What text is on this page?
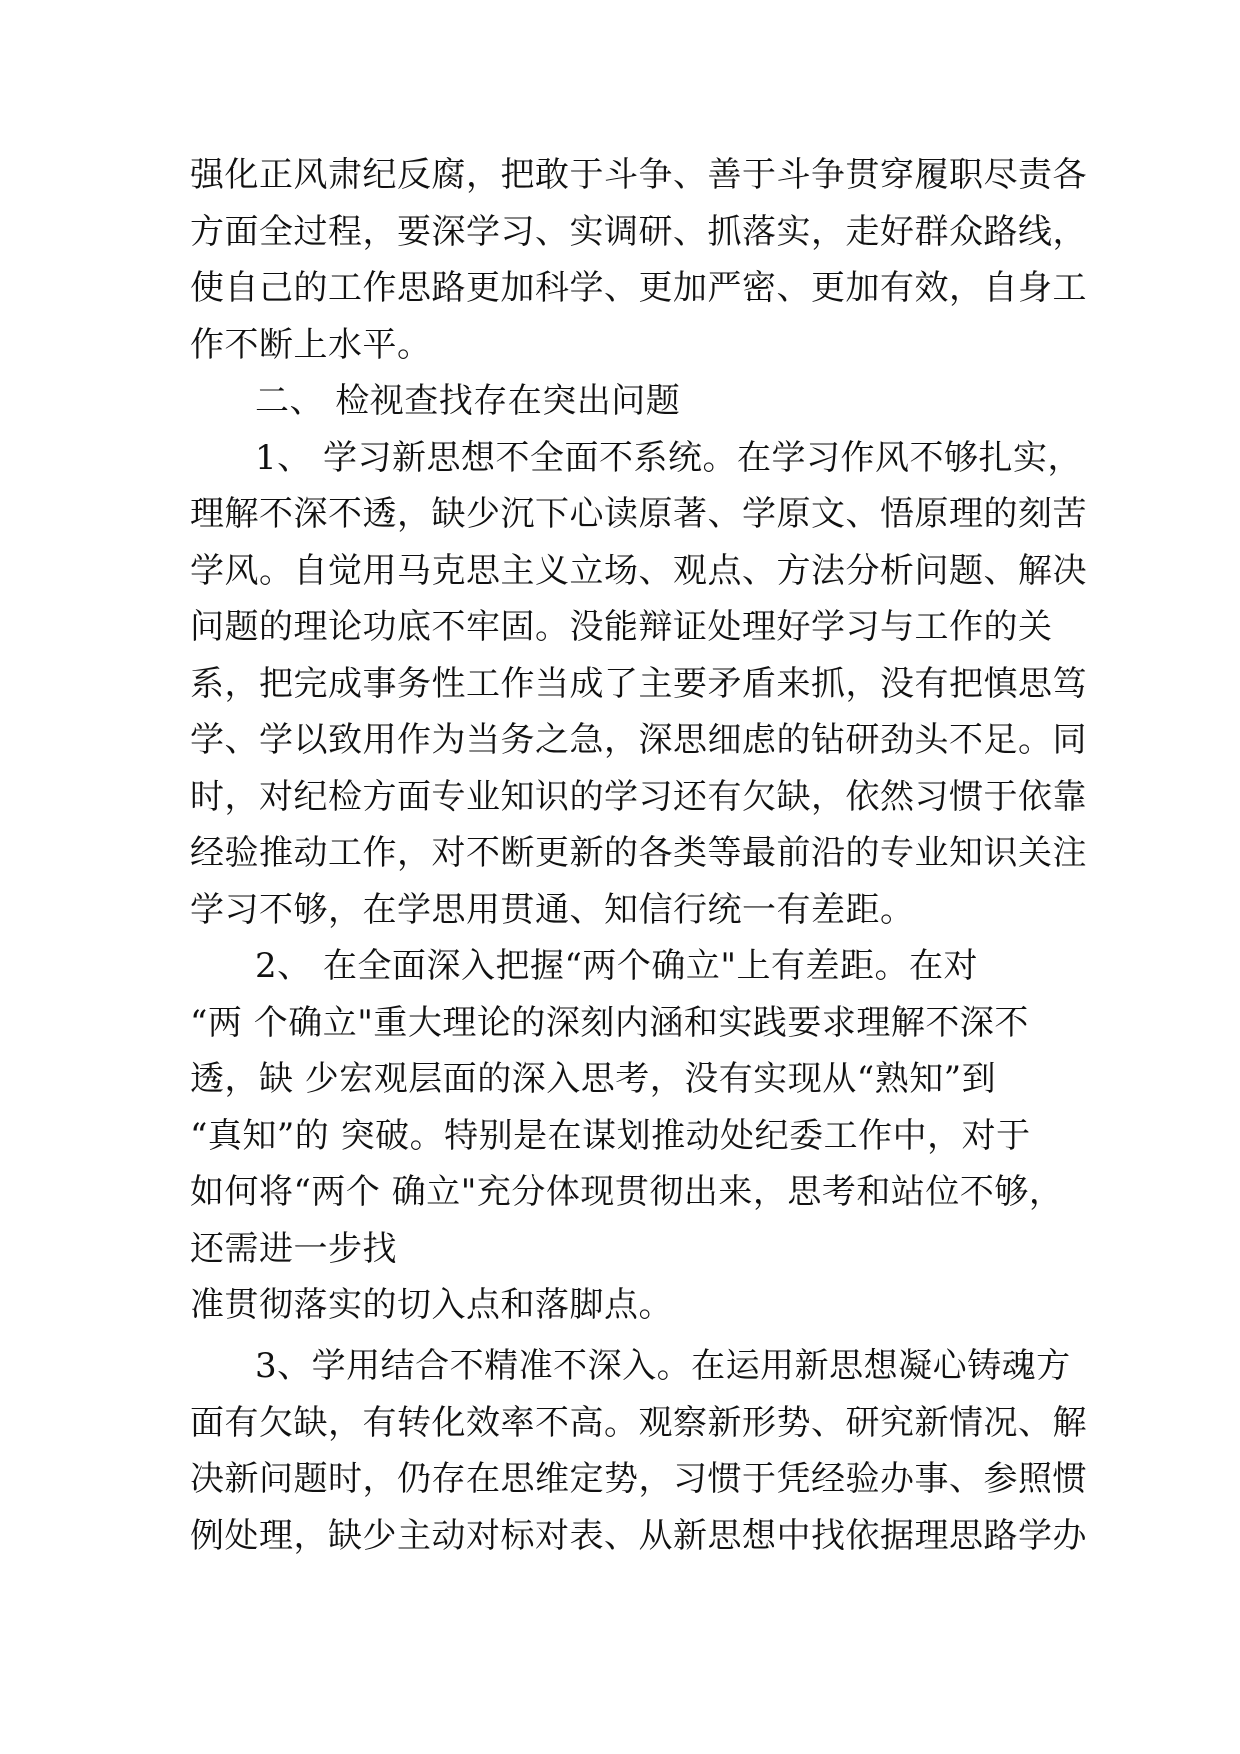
强化正风肃纪反腐，把敢于斗争、善于斗争贯穿履职尽责各
方面全过程，要深学习、实调研、抓落实，走好群众路线，
使自己的工作思路更加科学、更加严密、更加有效，自身工
作不断上水平。
二、 检视查找存在突出问题
1、 学习新思想不全面不系统。在学习作风不够扎实，
理解不深不透，缺少沉下心读原著、学原文、悟原理的刻苦
学风。自觉用马克思主义立场、观点、方法分析问题、解决
问题的理论功底不牢固。没能辩证处理好学习与工作的关
系，把完成事务性工作当成了主要矛盾来抓，没有把慎思笃
学、学以致用作为当务之急，深思细虑的钻研劲头不足。同
时，对纪检方面专业知识的学习还有欠缺，依然习惯于依靠
经验推动工作，对不断更新的各类等最前沿的专业知识关注
学习不够，在学思用贯通、知信行统一有差距。
2、 在全面深入把握“两个确立"上有差距。在对
“两 个确立"重大理论的深刻内涵和实践要求理解不深不
透，缺 少宏观层面的深入思考，没有实现从“熟知”到
“真知”的 突破。特别是在谋划推动处纪委工作中，对于
如何将“两个 确立"充分体现贯彻出来，思考和站位不够，
还需进一步找
准贯彻落实的切入点和落脚点。
3、学用结合不精准不深入。在运用新思想凝心铸魂方
面有欠缺，有转化效率不高。观察新形势、研究新情况、解
决新问题时，仍存在思维定势，习惯于凭经验办事、参照惯
例处理，缺少主动对标对表、从新思想中找依据理思路学办
